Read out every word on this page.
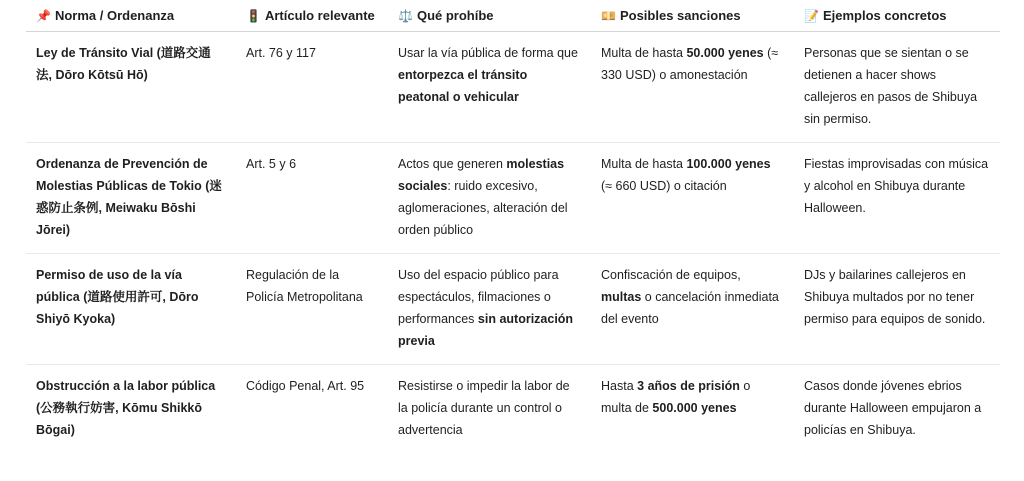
📌 Norma / Ordenanza	🚦 Artículo relevante	⚖️ Qué prohíbe	💴 Posibles sanciones	📝 Ejemplos concretos
Ley de Tránsito Vial (道路交通法, Dōro Kōtsū Hō)	Art. 76 y 117	Usar la vía pública de forma que entorpezca el tránsito peatonal o vehicular	Multa de hasta 50.000 yenes (≈ 330 USD) o amonestación	Personas que se sientan o se detienen a hacer shows callejeros en pasos de Shibuya sin permiso.
Ordenanza de Prevención de Molestias Públicas de Tokio (迷惑防止条例, Meiwaku Bōshi Jōrei)	Art. 5 y 6	Actos que generen molestias sociales: ruido excesivo, aglomeraciones, alteración del orden público	Multa de hasta 100.000 yenes (≈ 660 USD) o citación	Fiestas improvisadas con música y alcohol en Shibuya durante Halloween.
Permiso de uso de la vía pública (道路使用許可, Dōro Shiyō Kyoka)	Regulación de la Policía Metropolitana	Uso del espacio público para espectáculos, filmaciones o performances sin autorización previa	Confiscación de equipos, multas o cancelación inmediata del evento	DJs y bailarines callejeros en Shibuya multados por no tener permiso para equipos de sonido.
Obstrucción a la labor pública (公務執行妨害, Kōmu Shikkō Bōgai)	Código Penal, Art. 95	Resistirse o impedir la labor de la policía durante un control o advertencia	Hasta 3 años de prisión o multa de 500.000 yenes	Casos donde jóvenes ebrios durante Halloween empujaron a policías en Shibuya.
